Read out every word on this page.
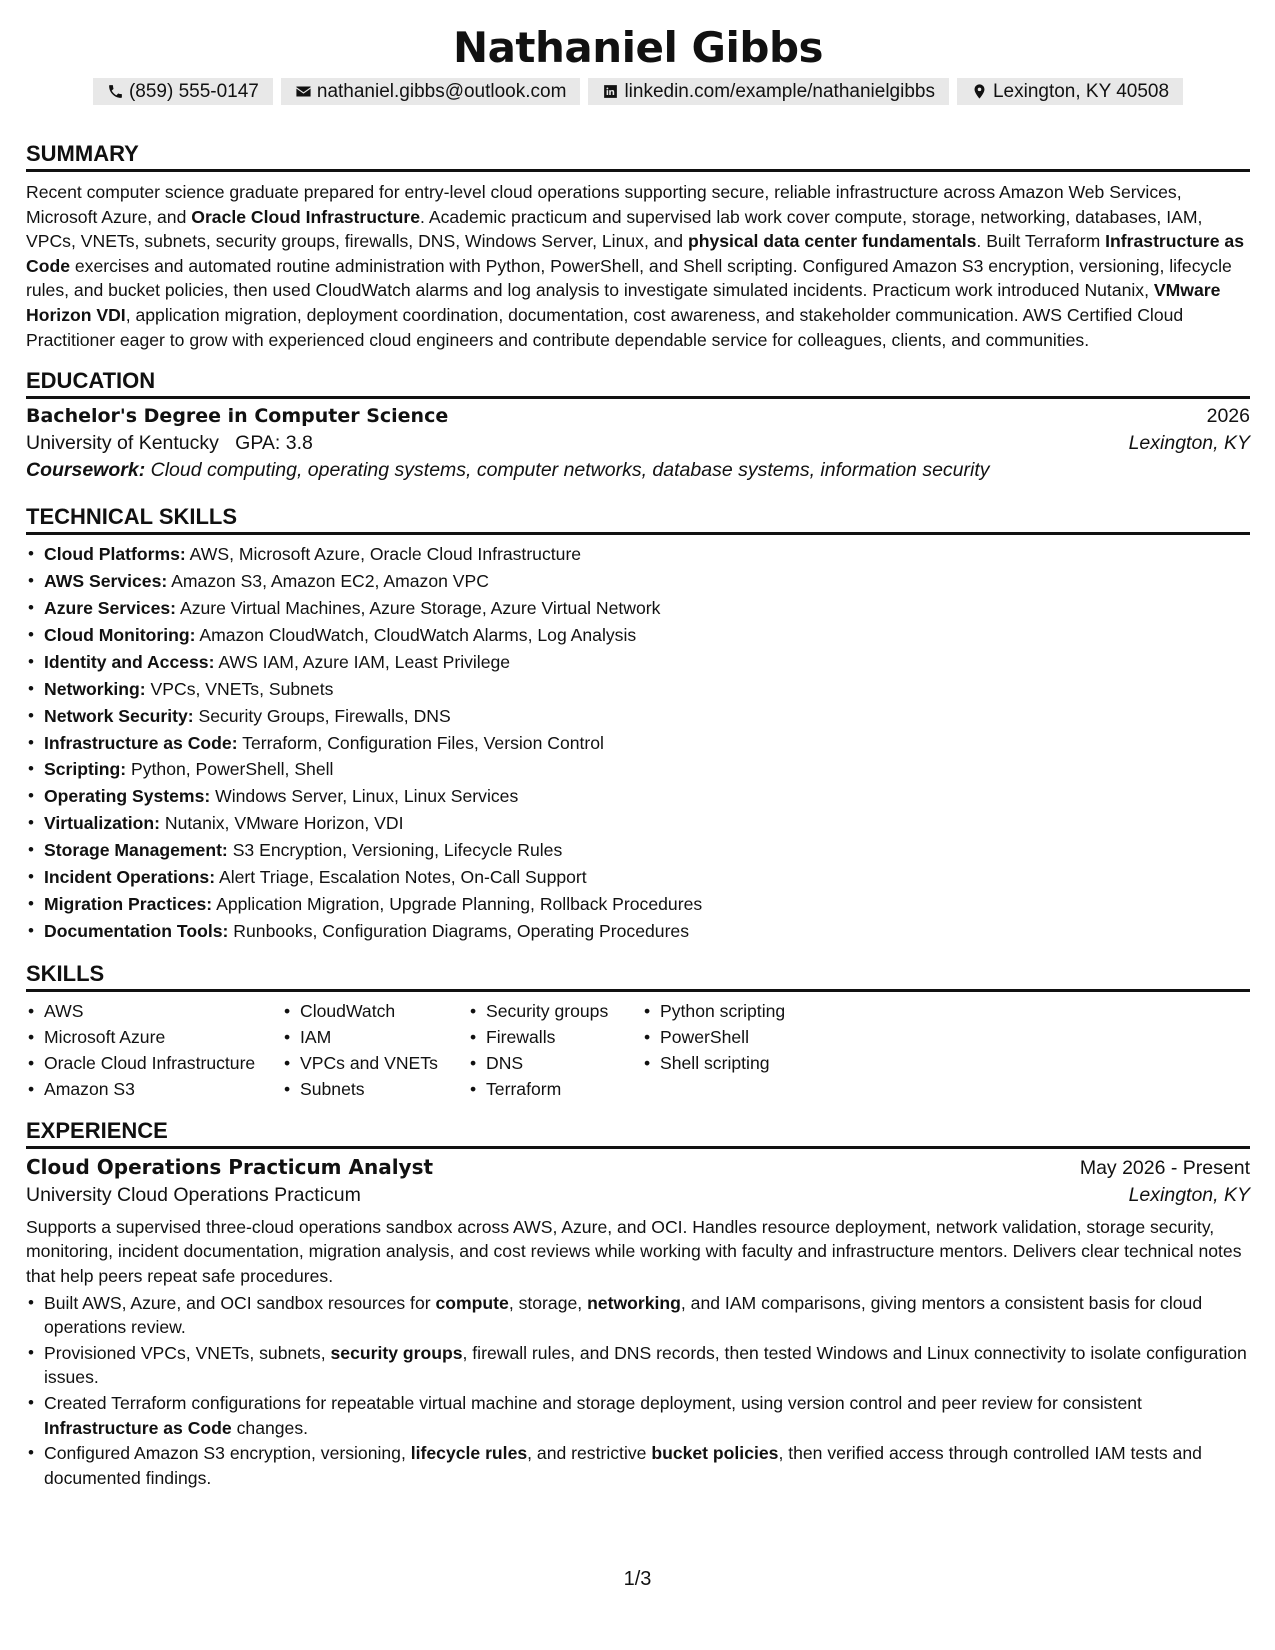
Nathaniel Gibbs
(859) 555-0147	nathaniel.gibbs@outlook.com	linkedin.com/example/nathanielgibbs	Lexington, KY 40508
SUMMARY
Recent computer science graduate prepared for entry-level cloud operations supporting secure, reliable infrastructure across Amazon Web Services, Microsoft Azure, and Oracle Cloud Infrastructure. Academic practicum and supervised lab work cover compute, storage, networking, databases, IAM, VPCs, VNETs, subnets, security groups, firewalls, DNS, Windows Server, Linux, and physical data center fundamentals. Built Terraform Infrastructure as Code exercises and automated routine administration with Python, PowerShell, and Shell scripting. Configured Amazon S3 encryption, versioning, lifecycle rules, and bucket policies, then used CloudWatch alarms and log analysis to investigate simulated incidents. Practicum work introduced Nutanix, VMware Horizon VDI, application migration, deployment coordination, documentation, cost awareness, and stakeholder communication. AWS Certified Cloud Practitioner eager to grow with experienced cloud engineers and contribute dependable service for colleagues, clients, and communities.
EDUCATION
Bachelor's Degree in Computer Science	2026
University of Kentucky GPA: 3.8	Lexington, KY
Coursework: Cloud computing, operating systems, computer networks, database systems, information security
TECHNICAL SKILLS
• Cloud Platforms: AWS, Microsoft Azure, Oracle Cloud Infrastructure
• AWS Services: Amazon S3, Amazon EC2, Amazon VPC
• Azure Services: Azure Virtual Machines, Azure Storage, Azure Virtual Network
• Cloud Monitoring: Amazon CloudWatch, CloudWatch Alarms, Log Analysis
• Identity and Access: AWS IAM, Azure IAM, Least Privilege
• Networking: VPCs, VNETs, Subnets
• Network Security: Security Groups, Firewalls, DNS
• Infrastructure as Code: Terraform, Configuration Files, Version Control
• Scripting: Python, PowerShell, Shell
• Operating Systems: Windows Server, Linux, Linux Services
• Virtualization: Nutanix, VMware Horizon, VDI
• Storage Management: S3 Encryption, Versioning, Lifecycle Rules
• Incident Operations: Alert Triage, Escalation Notes, On-Call Support
• Migration Practices: Application Migration, Upgrade Planning, Rollback Procedures
• Documentation Tools: Runbooks, Configuration Diagrams, Operating Procedures
SKILLS
• AWS
• Microsoft Azure
• Oracle Cloud Infrastructure
• Amazon S3
• CloudWatch
• IAM
• VPCs and VNETs
• Subnets
• Security groups
• Firewalls
• DNS
• Terraform
• Python scripting
• PowerShell
• Shell scripting
EXPERIENCE
Cloud Operations Practicum Analyst	May 2026 - Present
University Cloud Operations Practicum	Lexington, KY
Supports a supervised three-cloud operations sandbox across AWS, Azure, and OCI. Handles resource deployment, network validation, storage security, monitoring, incident documentation, migration analysis, and cost reviews while working with faculty and infrastructure mentors. Delivers clear technical notes that help peers repeat safe procedures.
• Built AWS, Azure, and OCI sandbox resources for compute, storage, networking, and IAM comparisons, giving mentors a consistent basis for cloud operations review.
• Provisioned VPCs, VNETs, subnets, security groups, firewall rules, and DNS records, then tested Windows and Linux connectivity to isolate configuration issues.
• Created Terraform configurations for repeatable virtual machine and storage deployment, using version control and peer review for consistent Infrastructure as Code changes.
• Configured Amazon S3 encryption, versioning, lifecycle rules, and restrictive bucket policies, then verified access through controlled IAM tests and documented findings.
1/3
